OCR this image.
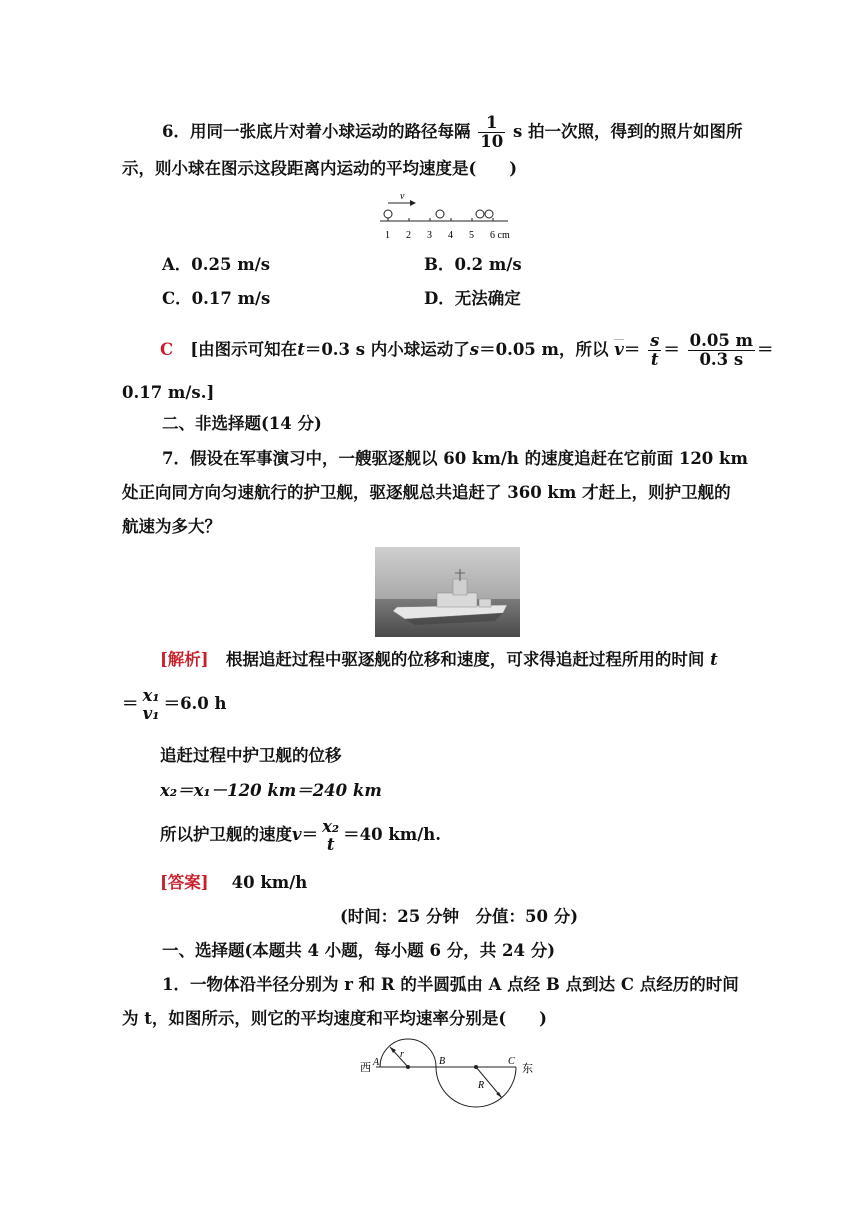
6．用同一张底片对着小球运动的路径每隔 $\frac{1}{10}$ s 拍一次照，得到的照片如图所
示，则小球在图示这段距离内运动的平均速度是(　　)
v
1 2 3 4 5 6 cm
A．0.25 m/s	B．0.2 m/s
C．0.17 m/s	D．无法确定
C [由图示可知在t＝0.3 s 内小球运动了s＝0.05 m，所以 $v= \frac{s}{t} = \frac{0.05 m}{0.3 s}$ ＝
0.17 m/s.]
二、非选择题(14 分)
7．假设在军事演习中，一艘驱逐舰以 60 km/h 的速度追赶在它前面 120 km
处正向同方向匀速航行的护卫舰，驱逐舰总共追赶了 360 km 才赶上，则护卫舰的
航速为多大？
[解析] 根据追赶过程中驱逐舰的位移和速度，可求得追赶过程所用的时间 t
＝ x₁
v₁ ＝6.0 h
追赶过程中护卫舰的位移
x₂＝x₁－120 km＝240 km
所以护卫舰的速度v＝ x₂
t ＝40 km/h.
[答案] 40 km/h
(时间：25 分钟　分值：50 分)
一、选择题(本题共 4 小题，每小题 6 分，共 24 分)
1．一物体沿半径分别为 r 和 R 的半圆弧由 A 点经 B 点到达 C 点经历的时间
为 t，如图所示，则它的平均速度和平均速率分别是(　　)
西	东
A	B	C
r
R
